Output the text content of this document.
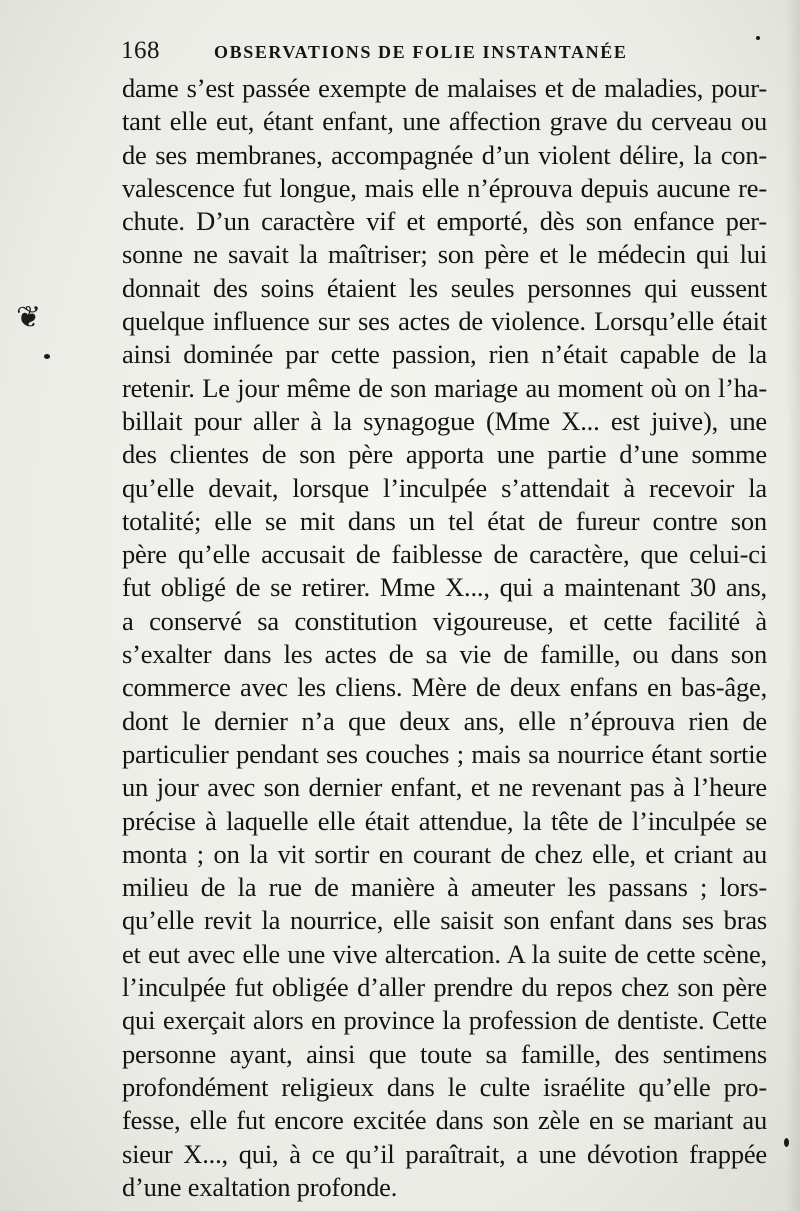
168	OBSERVATIONS DE FOLIE INSTANTANÉE
❦
dame s’est passée exempte de malaises et de maladies, pour-
tant elle eut, étant enfant, une affection grave du cerveau ou
de ses membranes, accompagnée d’un violent délire, la con-
valescence fut longue, mais elle n’éprouva depuis aucune re-
chute. D’un caractère vif et emporté, dès son enfance per-
sonne ne savait la maîtriser; son père et le médecin qui lui
donnait des soins étaient les seules personnes qui eussent
quelque influence sur ses actes de violence. Lorsqu’elle était
ainsi dominée par cette passion, rien n’était capable de la
retenir. Le jour même de son mariage au moment où on l’ha-
billait pour aller à la synagogue (Mme X... est juive), une
des clientes de son père apporta une partie d’une somme
qu’elle devait, lorsque l’inculpée s’attendait à recevoir la
totalité; elle se mit dans un tel état de fureur contre son
père qu’elle accusait de faiblesse de caractère, que celui-ci
fut obligé de se retirer. Mme X..., qui a maintenant 30 ans,
a conservé sa constitution vigoureuse, et cette facilité à
s’exalter dans les actes de sa vie de famille, ou dans son
commerce avec les cliens. Mère de deux enfans en bas-âge,
dont le dernier n’a que deux ans, elle n’éprouva rien de
particulier pendant ses couches ; mais sa nourrice étant sortie
un jour avec son dernier enfant, et ne revenant pas à l’heure
précise à laquelle elle était attendue, la tête de l’inculpée se
monta ; on la vit sortir en courant de chez elle, et criant au
milieu de la rue de manière à ameuter les passans ; lors-
qu’elle revit la nourrice, elle saisit son enfant dans ses bras
et eut avec elle une vive altercation. A la suite de cette scène,
l’inculpée fut obligée d’aller prendre du repos chez son père
qui exerçait alors en province la profession de dentiste. Cette
personne ayant, ainsi que toute sa famille, des sentimens
profondément religieux dans le culte israélite qu’elle pro-
fesse, elle fut encore excitée dans son zèle en se mariant au
sieur X..., qui, à ce qu’il paraîtrait, a une dévotion frappée
d’une exaltation profonde.
